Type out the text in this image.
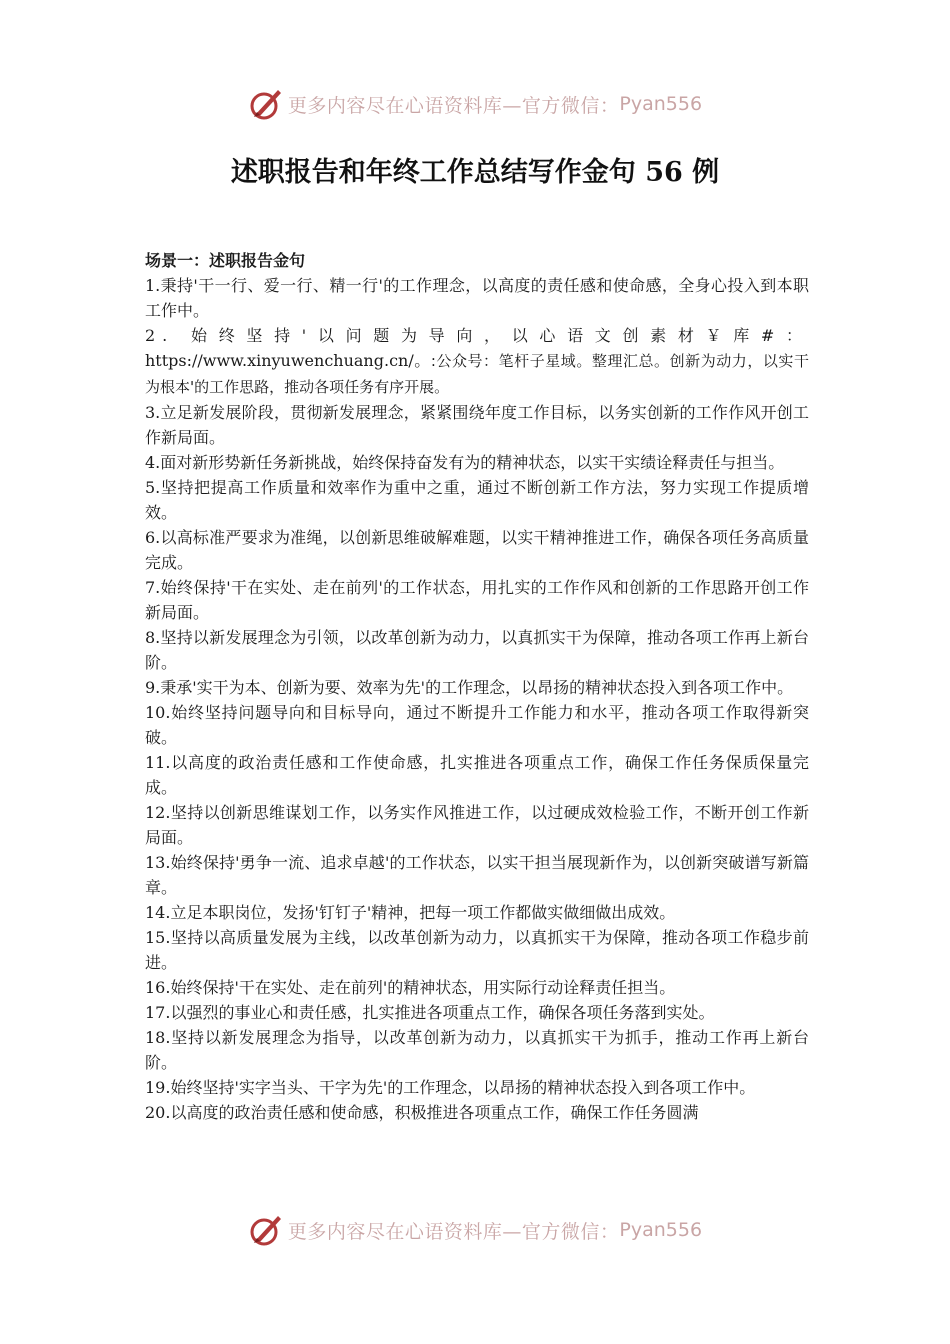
更多内容尽在心语资料库—官方微信： Pyan556
述职报告和年终工作总结写作金句 56 例
场景一：述职报告金句

1.秉持'干一行、爱一行、精一行'的工作理念，以高度的责任感和使命感，全身心投入到本职工作中。

2. 始终坚持'以问题为导向，以心语文创素材￥库#：https://www.xinyuwenchuang.cn/。:公众号：笔杆子星域。整理汇总。创新为动力，以实干为根本'的工作思路，推动各项任务有序开展。

3.立足新发展阶段，贯彻新发展理念，紧紧围绕年度工作目标，以务实创新的工作作风开创工作新局面。

4.面对新形势新任务新挑战，始终保持奋发有为的精神状态，以实干实绩诠释责任与担当。

5.坚持把提高工作质量和效率作为重中之重，通过不断创新工作方法，努力实现工作提质增效。

6.以高标准严要求为准绳，以创新思维破解难题，以实干精神推进工作，确保各项任务高质量完成。

7.始终保持'干在实处、走在前列'的工作状态，用扎实的工作作风和创新的工作思路开创工作新局面。

8.坚持以新发展理念为引领，以改革创新为动力，以真抓实干为保障，推动各项工作再上新台阶。

9.秉承'实干为本、创新为要、效率为先'的工作理念，以昂扬的精神状态投入到各项工作中。

10.始终坚持问题导向和目标导向，通过不断提升工作能力和水平，推动各项工作取得新突破。

11.以高度的政治责任感和工作使命感，扎实推进各项重点工作，确保工作任务保质保量完成。

12.坚持以创新思维谋划工作，以务实作风推进工作，以过硬成效检验工作，不断开创工作新局面。

13.始终保持'勇争一流、追求卓越'的工作状态，以实干担当展现新作为，以创新突破谱写新篇章。

14.立足本职岗位，发扬'钉钉子'精神，把每一项工作都做实做细做出成效。

15.坚持以高质量发展为主线，以改革创新为动力，以真抓实干为保障，推动各项工作稳步前进。

16.始终保持'干在实处、走在前列'的精神状态，用实际行动诠释责任担当。

17.以强烈的事业心和责任感，扎实推进各项重点工作，确保各项任务落到实处。

18.坚持以新发展理念为指导，以改革创新为动力，以真抓实干为抓手，推动工作再上新台阶。

19.始终坚持'实字当头、干字为先'的工作理念，以昂扬的精神状态投入到各项工作中。

20.以高度的政治责任感和使命感，积极推进各项重点工作，确保工作任务圆满

更多内容尽在心语资料库—官方微信： Pyan556
